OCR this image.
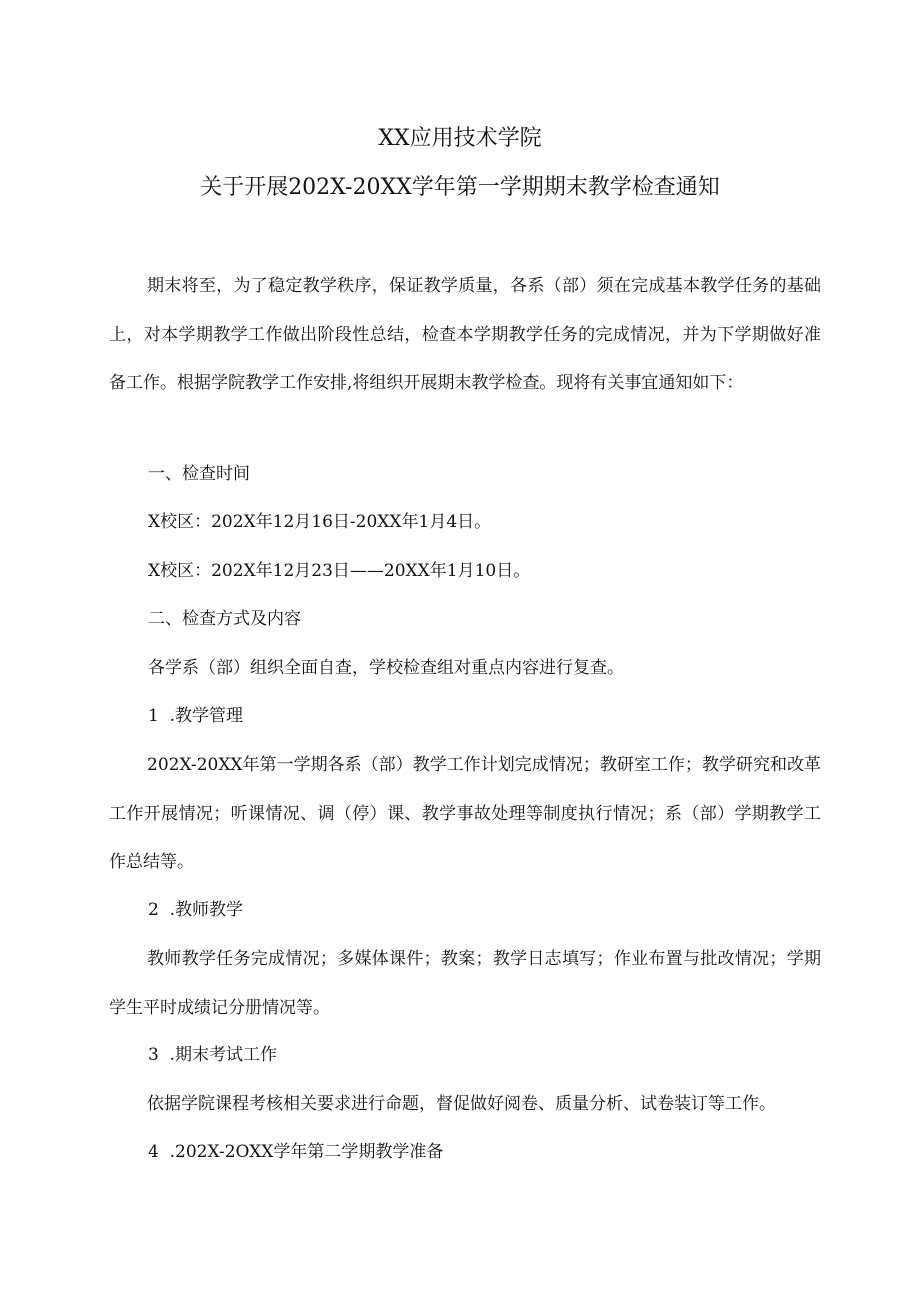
XX应用技术学院
关于开展202X-20XX学年第一学期期末教学检查通知
期末将至，为了稳定教学秩序，保证教学质量，各系（部）须在完成基本教学任务的基础上，对本学期教学工作做出阶段性总结，检查本学期教学任务的完成情况，并为下学期做好准备工作。根据学院教学工作安排,将组织开展期末教学检查。现将有关事宜通知如下：
一、检查时间
X校区：202X年12月16日-20XX年1月4日。
X校区：202X年12月23日——20XX年1月10日。
二、检查方式及内容
各学系（部）组织全面自查，学校检查组对重点内容进行复查。
1  .教学管理
202X-20XX年第一学期各系（部）教学工作计划完成情况；教研室工作；教学研究和改革工作开展情况；听课情况、调（停）课、教学事故处理等制度执行情况；系（部）学期教学工作总结等。
2  .教师教学
教师教学任务完成情况；多媒体课件；教案；教学日志填写；作业布置与批改情况；学期学生平时成绩记分册情况等。
3  .期末考试工作
依据学院课程考核相关要求进行命题，督促做好阅卷、质量分析、试卷装订等工作。
4  .202X-2OXX学年第二学期教学准备
